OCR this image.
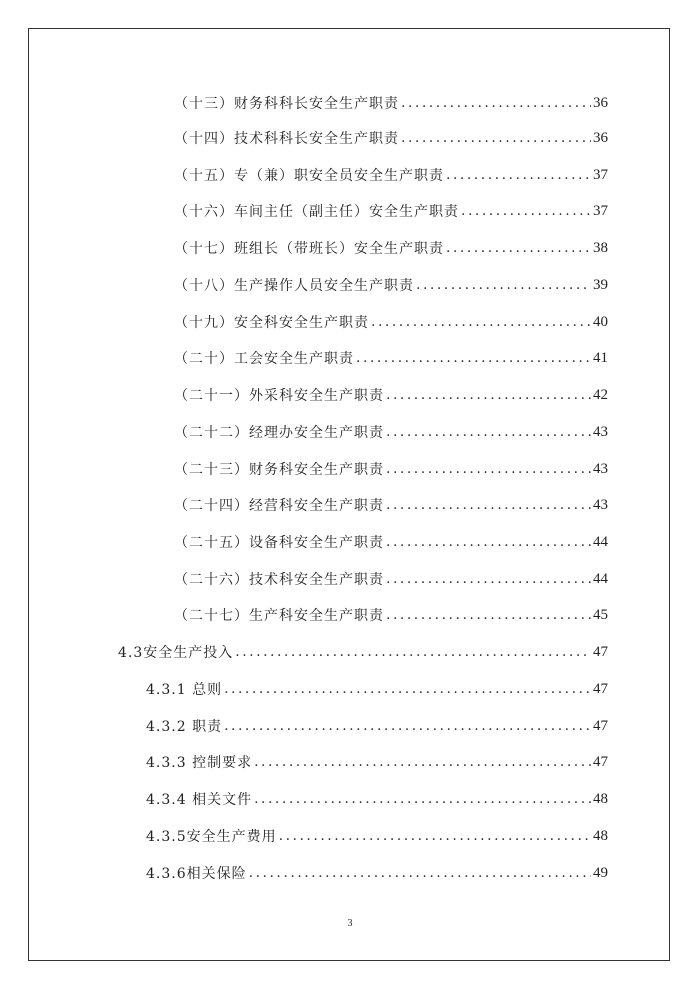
（十三）财务科科长安全生产职责 .....	36
（十四）技术科科长安全生产职责 .....	36
（十五）专（兼）职安全员安全生产职责 .....	37
（十六）车间主任（副主任）安全生产职责 .....	37
（十七）班组长（带班长）安全生产职责 .....	38
（十八）生产操作人员安全生产职责 .....	39
（十九）安全科安全生产职责 .....	40
（二十）工会安全生产职责 .....	41
（二十一）外采科安全生产职责 .....	42
（二十二）经理办安全生产职责 .....	43
（二十三）财务科安全生产职责 .....	43
（二十四）经营科安全生产职责 .....	43
（二十五）设备科安全生产职责 .....	44
（二十六）技术科安全生产职责 .....	44
（二十七）生产科安全生产职责 .....	45
4.3安全生产投入 .....	47
4.3.1 总则 .....	47
4.3.2 职责 .....	47
4.3.3 控制要求 .....	47
4.3.4 相关文件 .....	48
4.3.5安全生产费用 .....	48
4.3.6相关保险 .....	49
3
